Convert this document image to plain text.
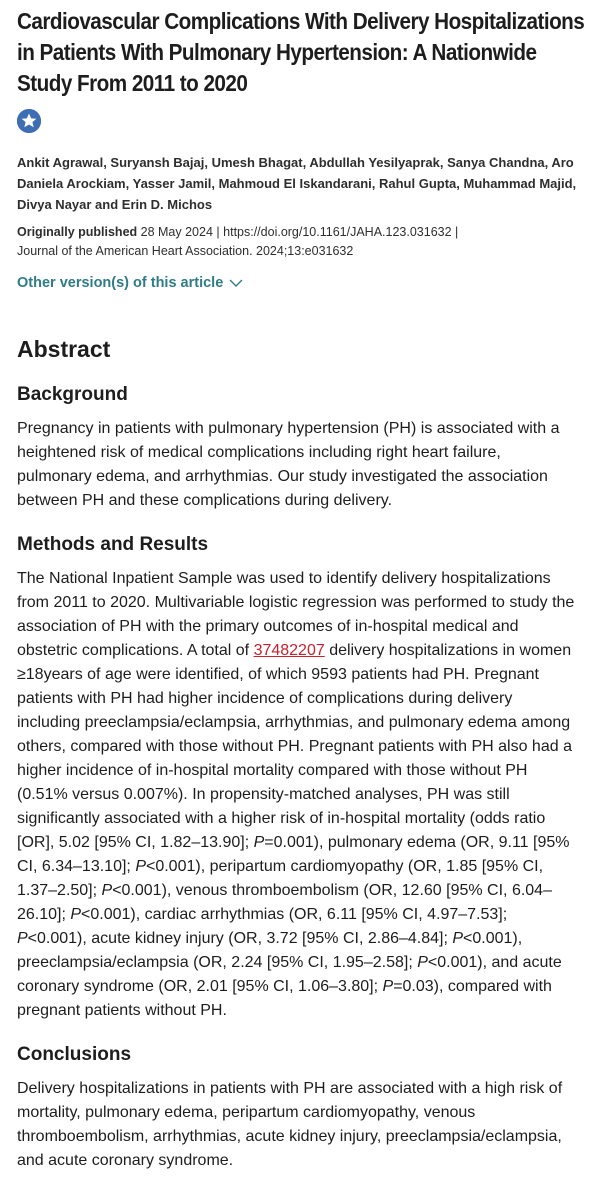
Cardiovascular Complications With Delivery Hospitalizations in Patients With Pulmonary Hypertension: A Nationwide Study From 2011 to 2020
Ankit Agrawal, Suryansh Bajaj, Umesh Bhagat, Abdullah Yesilyaprak, Sanya Chandna, Aro Daniela Arockiam, Yasser Jamil, Mahmoud El Iskandarani, Rahul Gupta, Muhammad Majid, Divya Nayar and Erin D. Michos
Originally published 28 May 2024 | https://doi.org/10.1161/JAHA.123.031632 |
Journal of the American Heart Association. 2024;13:e031632
Other version(s) of this article
Abstract
Background

Pregnancy in patients with pulmonary hypertension (PH) is associated with a heightened risk of medical complications including right heart failure, pulmonary edema, and arrhythmias. Our study investigated the association between PH and these complications during delivery.

Methods and Results

The National Inpatient Sample was used to identify delivery hospitalizations from 2011 to 2020. Multivariable logistic regression was performed to study the association of PH with the primary outcomes of in-hospital medical and obstetric complications. A total of 37482207 delivery hospitalizations in women ≥18years of age were identified, of which 9593 patients had PH. Pregnant patients with PH had higher incidence of complications during delivery including preeclampsia/eclampsia, arrhythmias, and pulmonary edema among others, compared with those without PH. Pregnant patients with PH also had a higher incidence of in-hospital mortality compared with those without PH (0.51% versus 0.007%). In propensity-matched analyses, PH was still significantly associated with a higher risk of in-hospital mortality (odds ratio [OR], 5.02 [95% CI, 1.82–13.90]; P=0.001), pulmonary edema (OR, 9.11 [95% CI, 6.34–13.10]; P<0.001), peripartum cardiomyopathy (OR, 1.85 [95% CI, 1.37–2.50]; P<0.001), venous thromboembolism (OR, 12.60 [95% CI, 6.04–26.10]; P<0.001), cardiac arrhythmias (OR, 6.11 [95% CI, 4.97–7.53]; P<0.001), acute kidney injury (OR, 3.72 [95% CI, 2.86–4.84]; P<0.001), preeclampsia/eclampsia (OR, 2.24 [95% CI, 1.95–2.58]; P<0.001), and acute coronary syndrome (OR, 2.01 [95% CI, 1.06–3.80]; P=0.03), compared with pregnant patients without PH.

Conclusions

Delivery hospitalizations in patients with PH are associated with a high risk of mortality, pulmonary edema, peripartum cardiomyopathy, venous thromboembolism, arrhythmias, acute kidney injury, preeclampsia/eclampsia, and acute coronary syndrome.
